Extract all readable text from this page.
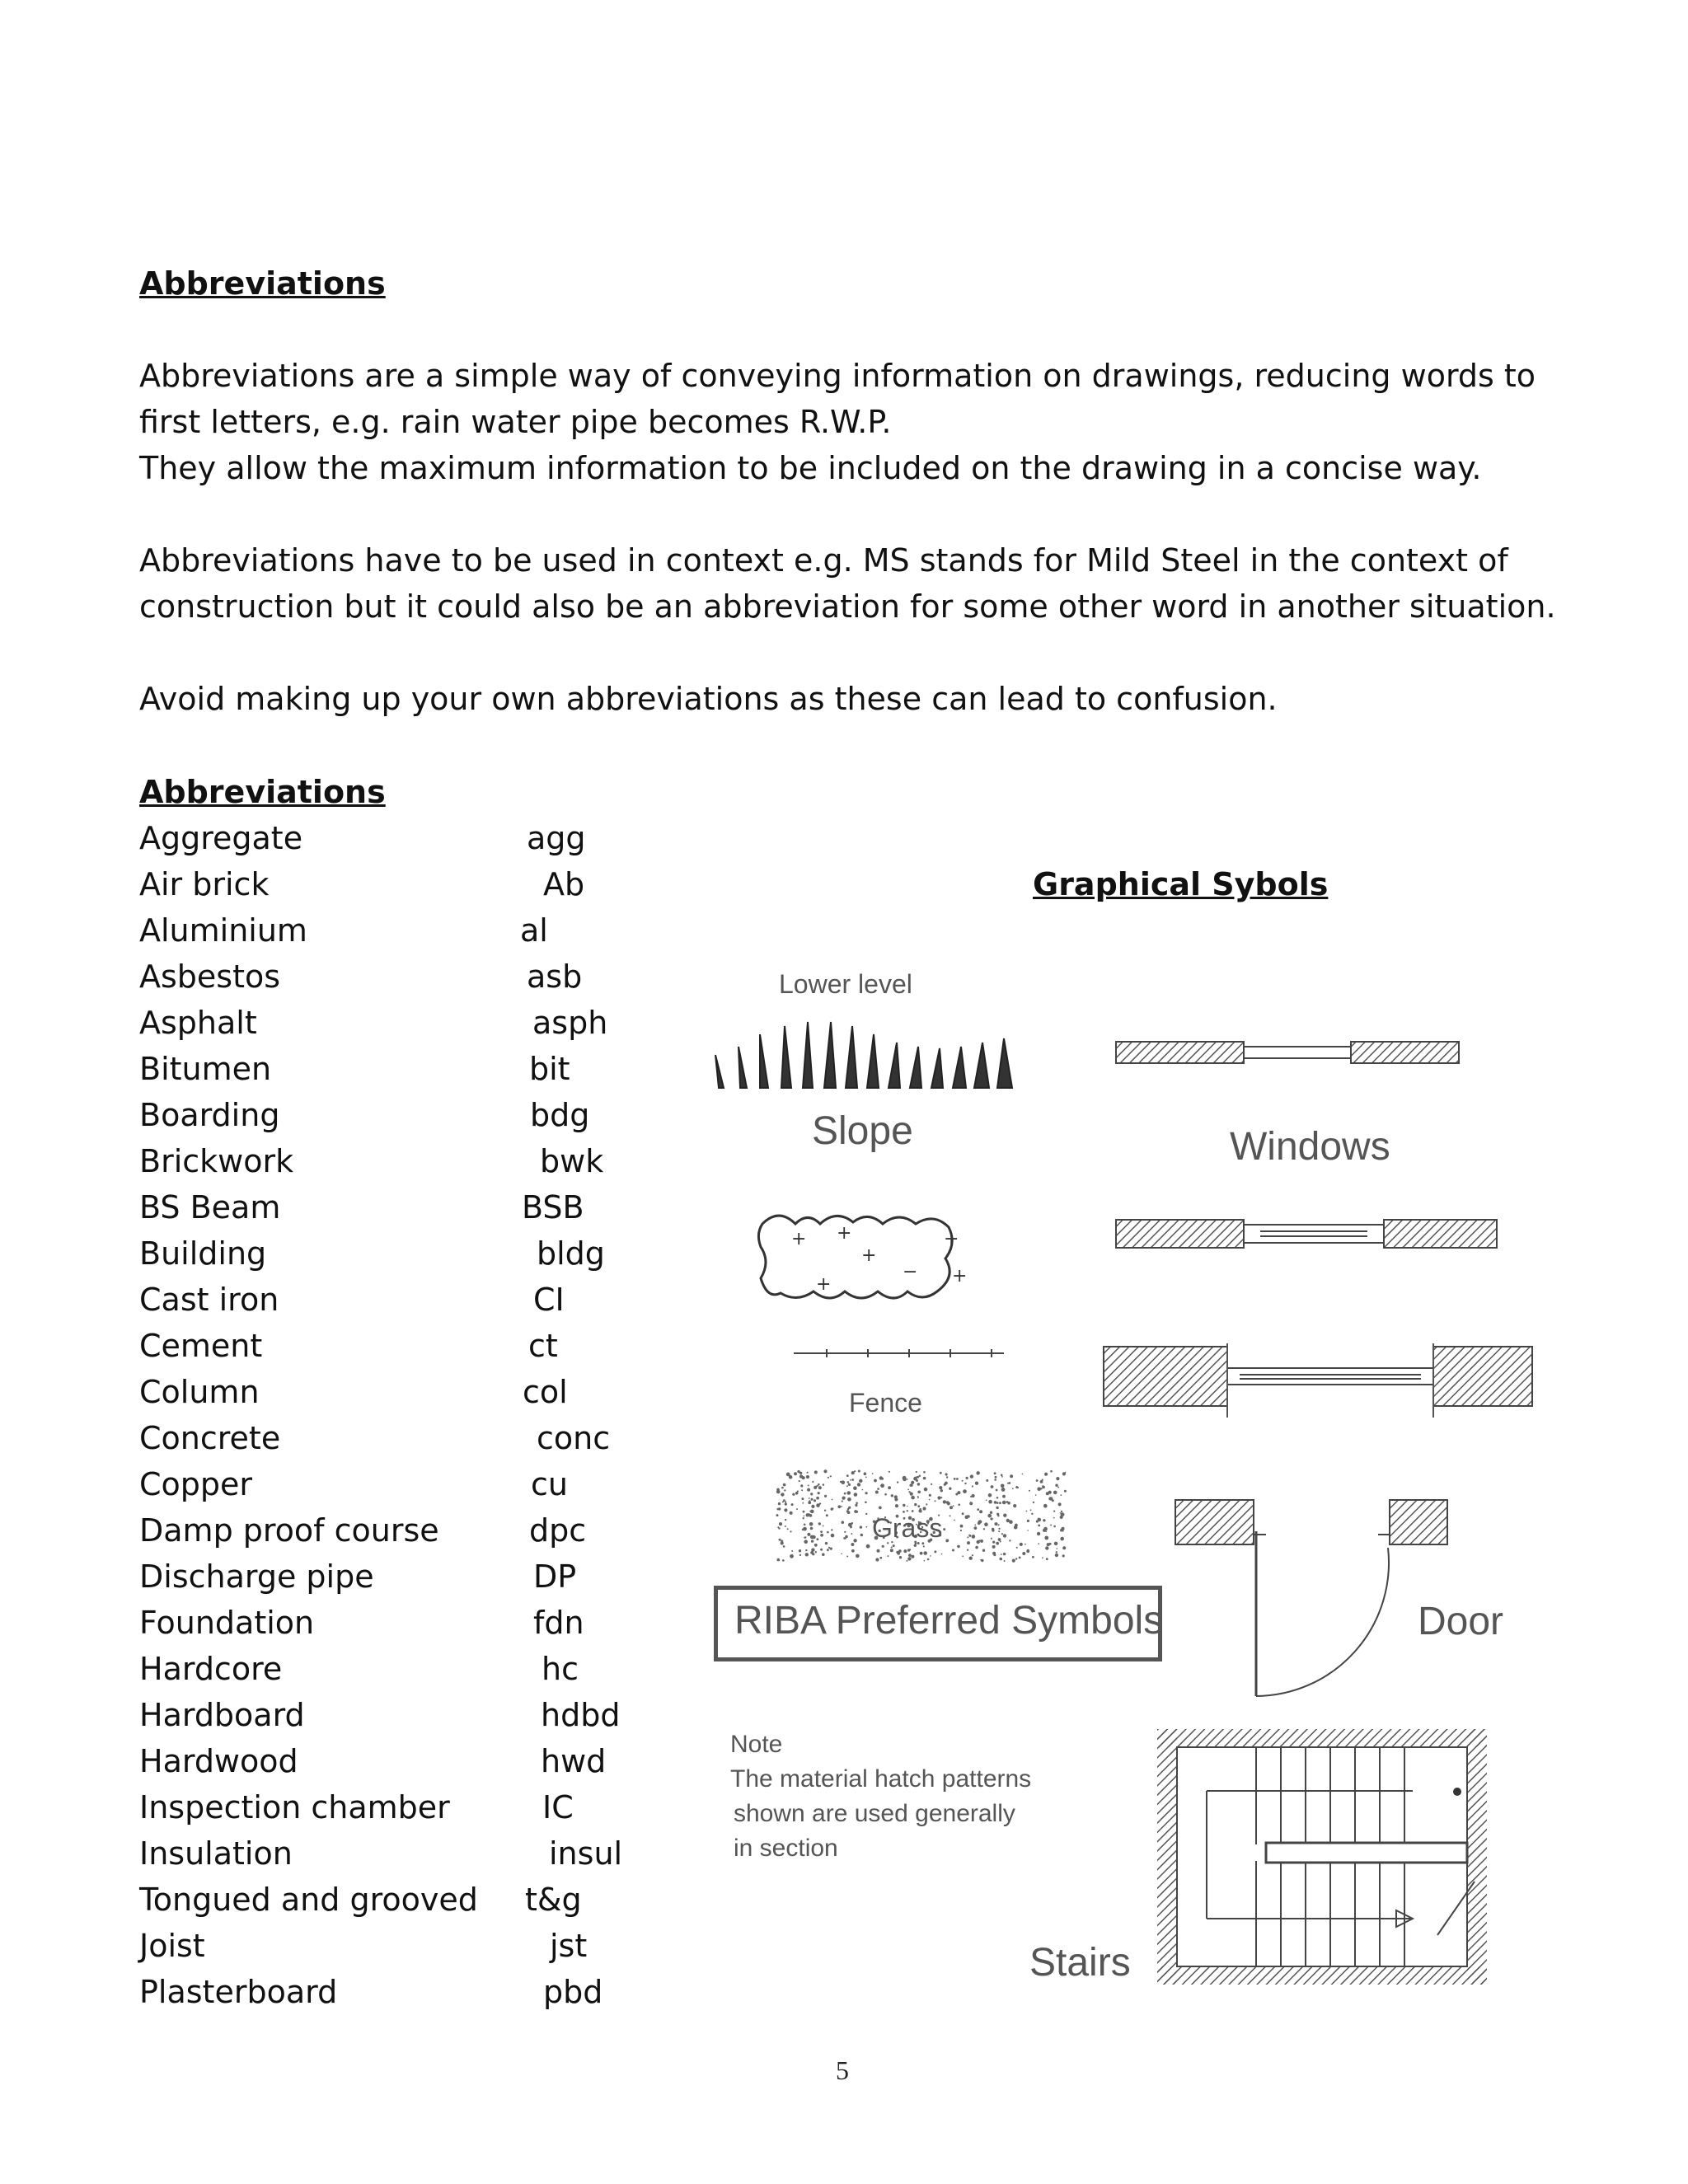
Abbreviations
Abbreviations are a simple way of conveying information on drawings, reducing words to
first letters, e.g. rain water pipe becomes R.W.P.
They allow the maximum information to be included on the drawing in a concise way.
Abbreviations have to be used in context e.g. MS stands for Mild Steel in the context of
construction but it could also be an abbreviation for some other word in another situation.
Avoid making up your own abbreviations as these can lead to confusion.
Abbreviations
Aggregate	agg
Air brick	Ab
Aluminium	al
Asbestos	asb
Asphalt	asph
Bitumen	bit
Boarding	bdg
Brickwork	bwk
BS Beam	BSB
Building	bldg
Cast iron	CI
Cement	ct
Column	col
Concrete	conc
Copper	cu
Damp proof course	dpc
Discharge pipe	DP
Foundation	fdn
Hardcore	hc
Hardboard	hdbd
Hardwood	hwd
Inspection chamber	IC
Insulation	insul
Tongued and grooved t&g
Joist	jst
Plasterboard	pbd
Graphical Sybols
Lower level
Slope	Windows
+ +
+
+
+
− +
Fence
Grass
Door
RIBA Preferred Symbols
Note
The material hatch patterns
shown are used generally
in section
Stairs
5
